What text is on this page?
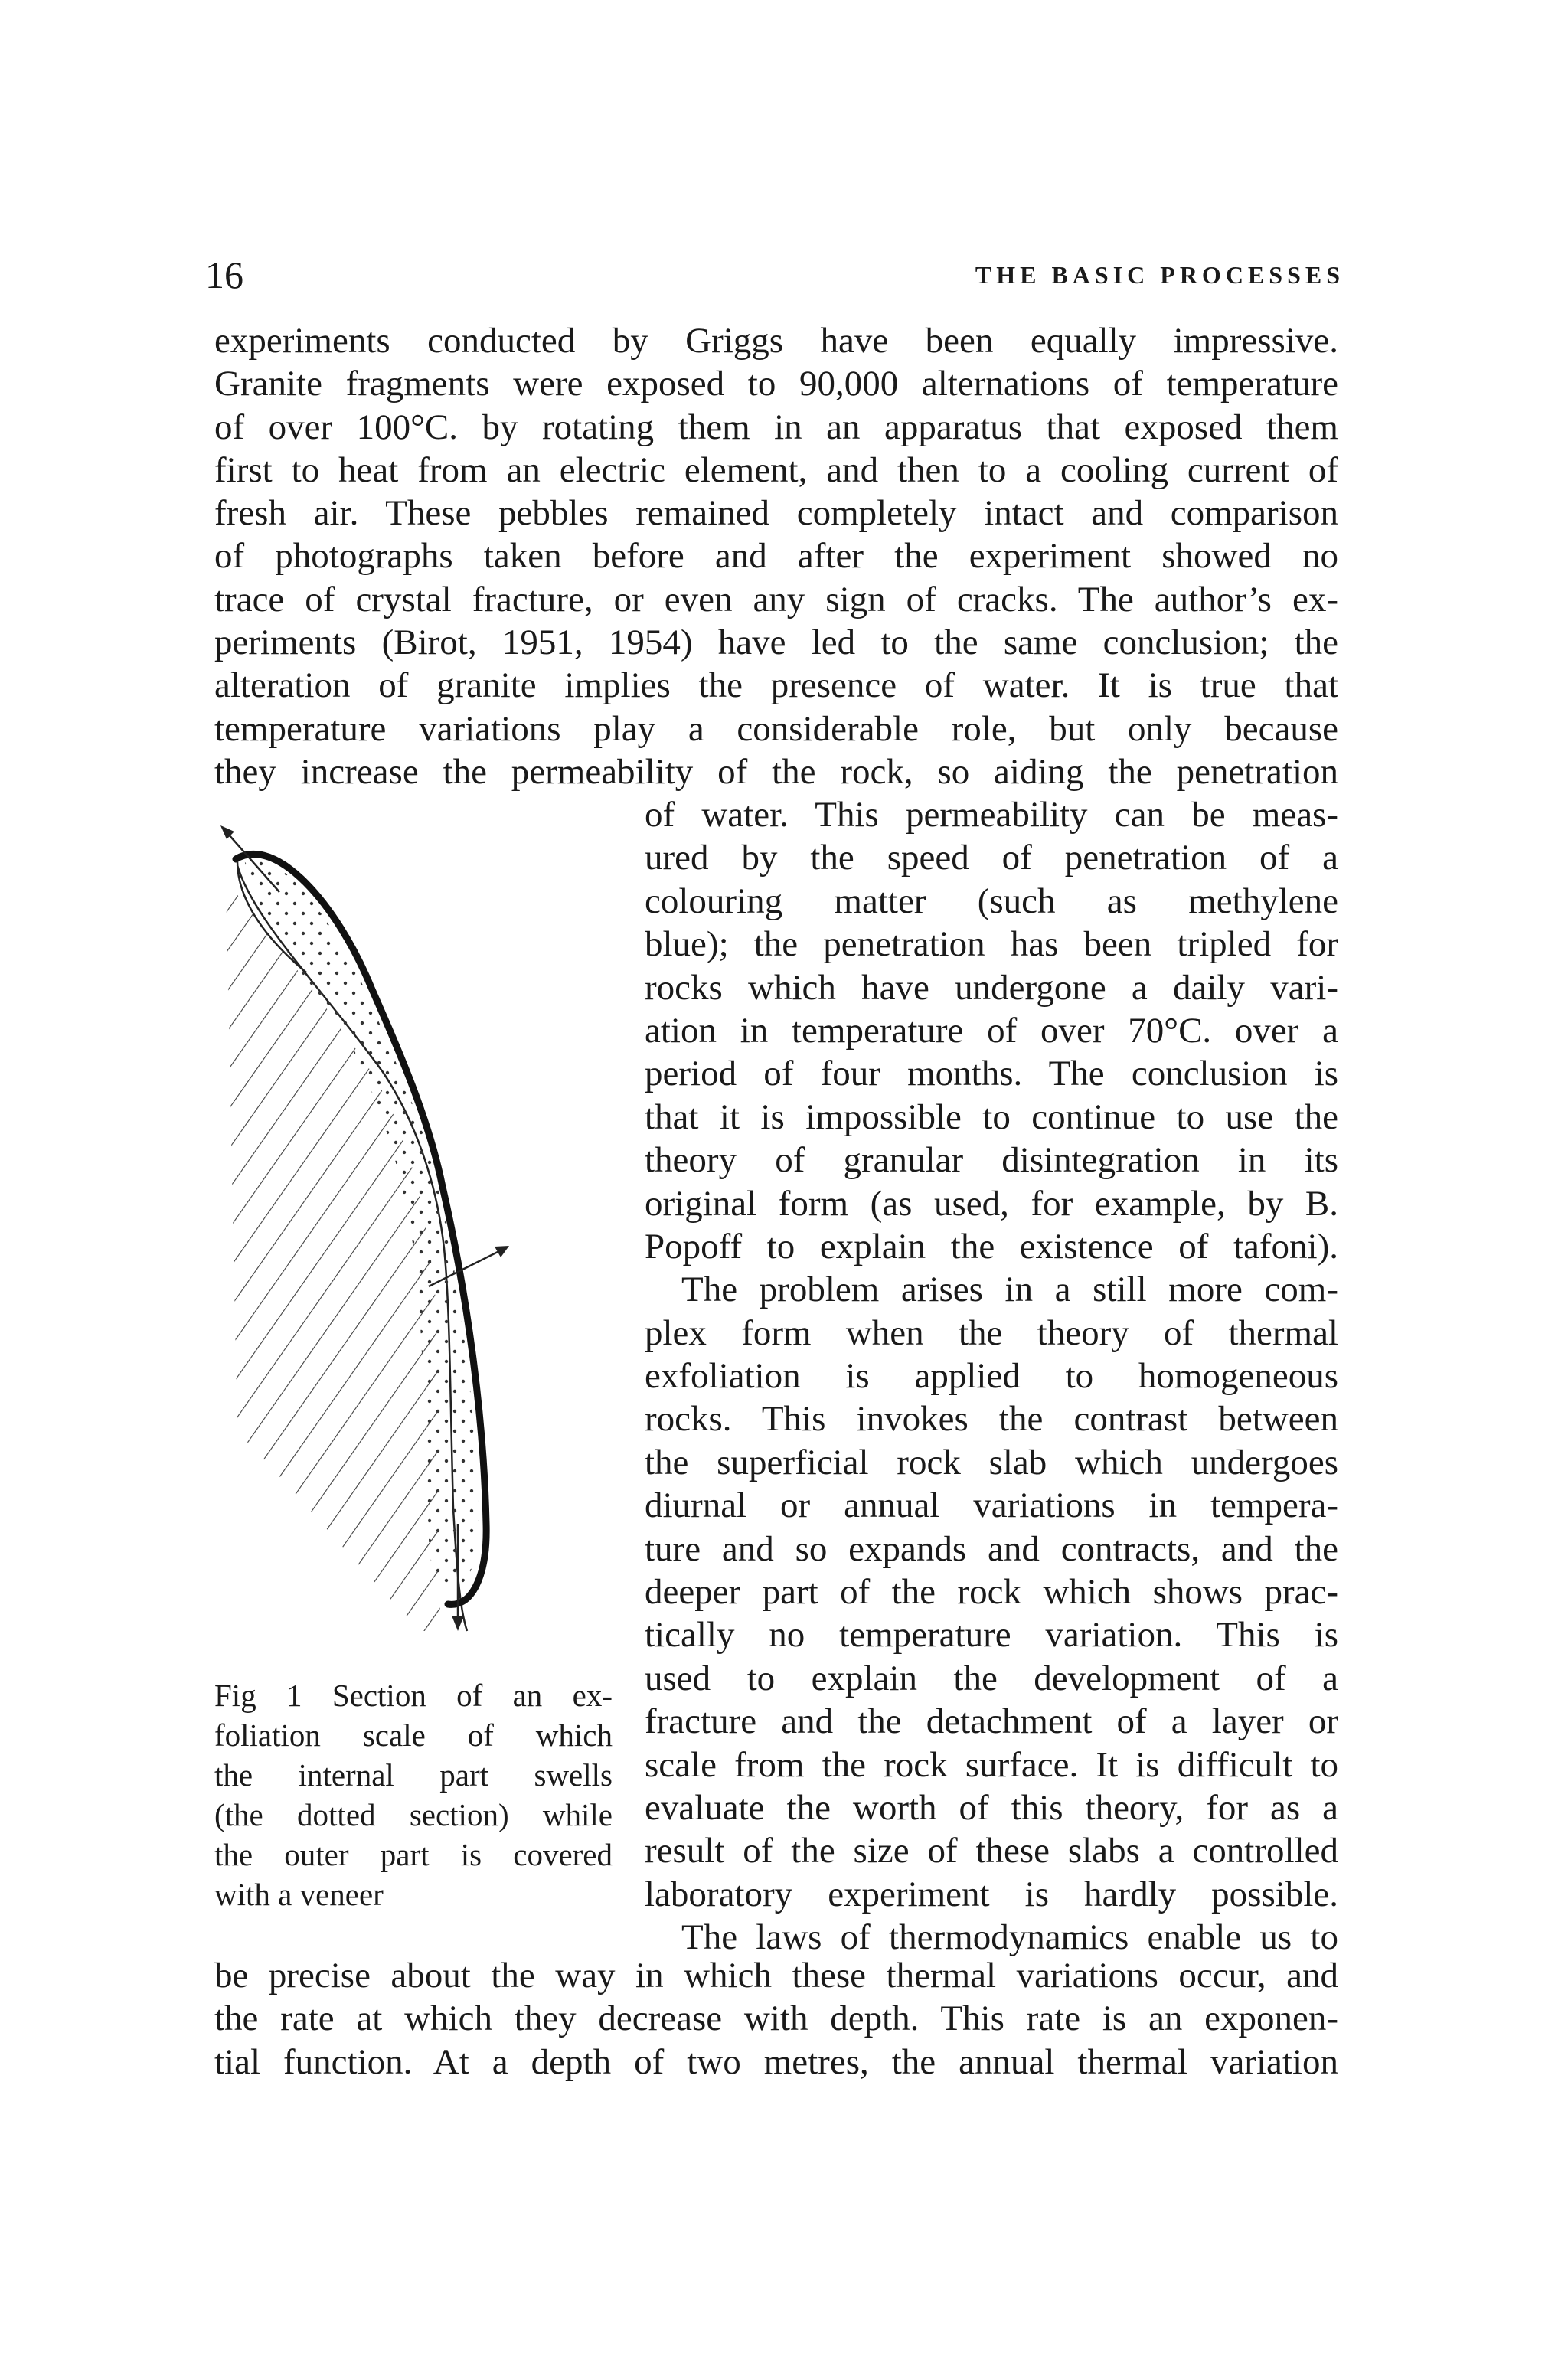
16	THE BASIC PROCESSES
experiments conducted by Griggs have been equally impressive.
Granite fragments were exposed to 90,000 alternations of temperature
of over 100°C. by rotating them in an apparatus that exposed them
first to heat from an electric element, and then to a cooling current of
fresh air. These pebbles remained completely intact and comparison
of photographs taken before and after the experiment showed no
trace of crystal fracture, or even any sign of cracks. The author’s ex-
periments (Birot, 1951, 1954) have led to the same conclusion; the
alteration of granite implies the presence of water. It is true that
temperature variations play a considerable role, but only because
they increase the permeability of the rock, so aiding the penetration
of water. This permeability can be meas-
ured by the speed of penetration of a
colouring matter (such as methylene
blue); the penetration has been tripled for
rocks which have undergone a daily vari-
ation in temperature of over 70°C. over a
period of four months. The conclusion is
that it is impossible to continue to use the
theory of granular disintegration in its
original form (as used, for example, by B.
Popoff to explain the existence of tafoni).
The problem arises in a still more com-
plex form when the theory of thermal
exfoliation is applied to homogeneous
rocks. This invokes the contrast between
the superficial rock slab which undergoes
diurnal or annual variations in tempera-
ture and so expands and contracts, and the
deeper part of the rock which shows prac-
tically no temperature variation. This is
used to explain the development of a
fracture and the detachment of a layer or
scale from the rock surface. It is difficult to
evaluate the worth of this theory, for as a
result of the size of these slabs a controlled
laboratory experiment is hardly possible.
The laws of thermodynamics enable us to
Fig 1 Section of an ex-
foliation scale of which
the internal part swells
(the dotted section) while
the outer part is covered
with a veneer
be precise about the way in which these thermal variations occur, and
the rate at which they decrease with depth. This rate is an exponen-
tial function. At a depth of two metres, the annual thermal variation
